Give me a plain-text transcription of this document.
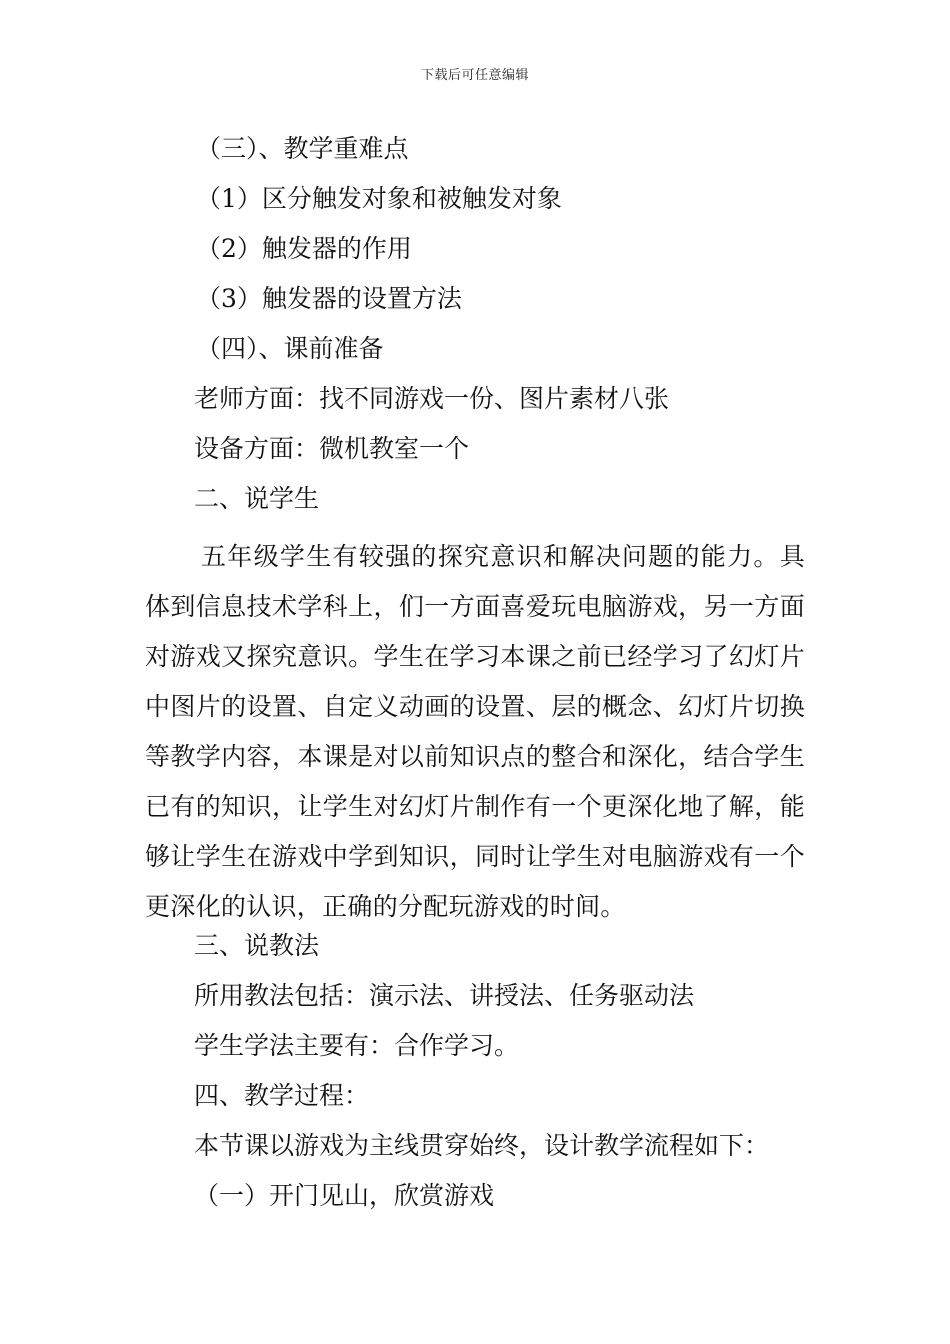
下载后可任意编辑
（三）、教学重难点
（1）区分触发对象和被触发对象
（2）触发器的作用
（3）触发器的设置方法
（四）、课前准备
老师方面：找不同游戏一份、图片素材八张
设备方面：微机教室一个
二、说学生
五年级学生有较强的探究意识和解决问题的能力。具体到信息技术学科上，们一方面喜爱玩电脑游戏，另一方面对游戏又探究意识。学生在学习本课之前已经学习了幻灯片中图片的设置、自定义动画的设置、层的概念、幻灯片切换等教学内容，本课是对以前知识点的整合和深化，结合学生已有的知识，让学生对幻灯片制作有一个更深化地了解，能够让学生在游戏中学到知识，同时让学生对电脑游戏有一个更深化的认识，正确的分配玩游戏的时间。
三、说教法
所用教法包括：演示法、讲授法、任务驱动法
学生学法主要有：合作学习。
四、教学过程：
本节课以游戏为主线贯穿始终，设计教学流程如下：
（一）开门见山，欣赏游戏
